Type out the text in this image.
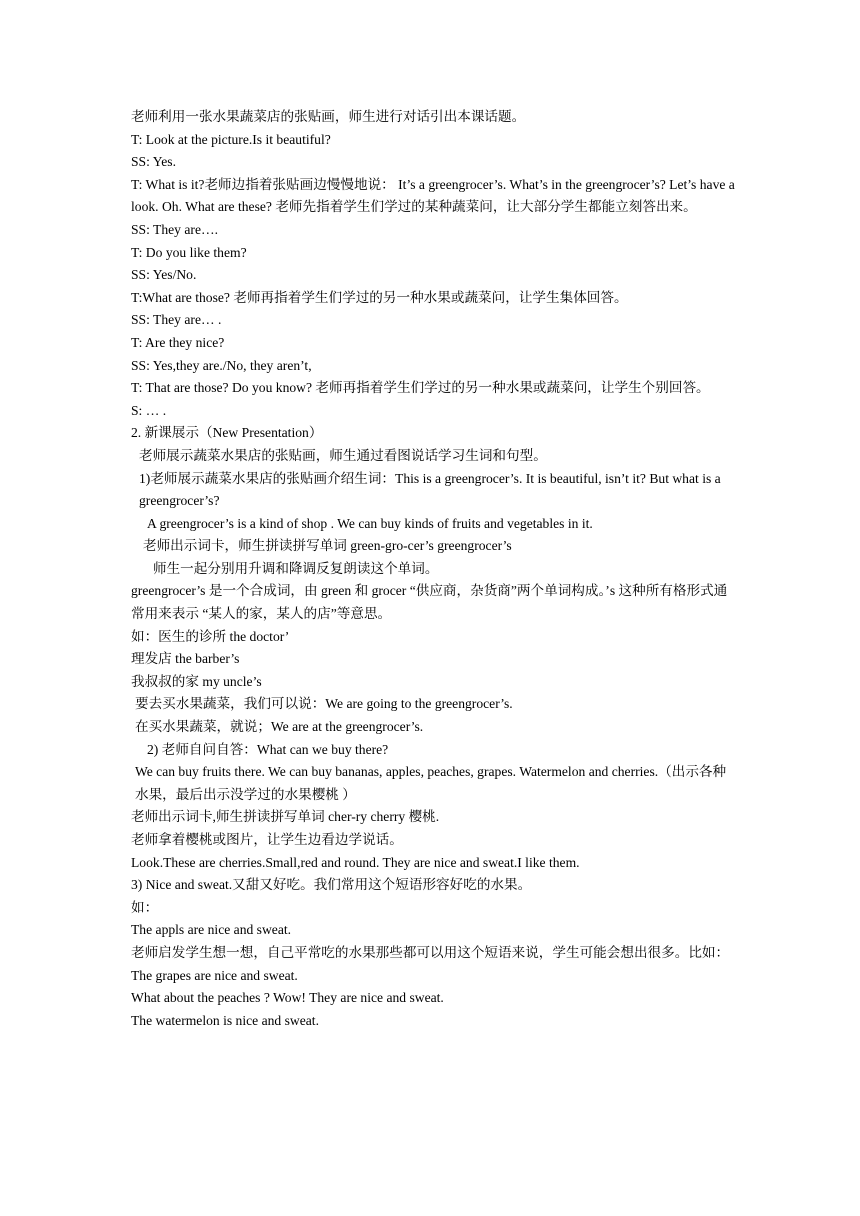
老师利用一张水果蔬菜店的张贴画，师生进行对话引出本课话题。

T: Look at the picture.Is it beautiful?

SS: Yes.

T: What is it?老师边指着张贴画边慢慢地说： It’s a greengrocer’s. What’s in the greengrocer’s? Let’s have a look. Oh. What are these? 老师先指着学生们学过的某种蔬菜问，让大部分学生都能立刻答出来。

SS: They are….

T: Do you like them?

SS: Yes/No.

T:What are those? 老师再指着学生们学过的另一种水果或蔬菜问，让学生集体回答。

SS: They are… .

T: Are they nice?

SS: Yes,they are./No, they aren’t,

T: That are those? Do you know? 老师再指着学生们学过的另一种水果或蔬菜问，让学生个别回答。

S: … .

2. 新课展示（New Presentation）

老师展示蔬菜水果店的张贴画，师生通过看图说话学习生词和句型。

1)老师展示蔬菜水果店的张贴画介绍生词：This is a greengrocer’s. It is beautiful, isn’t it? But what is a greengrocer’s?

A greengrocer’s is a kind of shop . We can buy kinds of fruits and vegetables in it.

老师出示词卡，师生拼读拼写单词 green-gro-cer’s greengrocer’s

师生一起分别用升调和降调反复朗读这个单词。

greengrocer’s 是一个合成词，由 green 和 grocer “供应商，杂货商”两个单词构成。’s 这种所有格形式通常用来表示 “某人的家，某人的店”等意思。

如：医生的诊所 the doctor’

理发店 the barber’s

我叔叔的家 my uncle’s

要去买水果蔬菜，我们可以说：We are going to the greengrocer’s.

在买水果蔬菜，就说；We are at the greengrocer’s.

2) 老师自问自答：What can we buy there?

We can buy fruits there. We can buy bananas, apples, peaches, grapes. Watermelon and cherries.（出示各种水果，最后出示没学过的水果樱桃 ）

老师出示词卡,师生拼读拼写单词 cher-ry cherry 樱桃.

老师拿着樱桃或图片，让学生边看边学说话。

Look.These are cherries.Small,red and round. They are nice and sweat.I like them.

3) Nice and sweat.又甜又好吃。我们常用这个短语形容好吃的水果。

如：

The appls are nice and sweat.

老师启发学生想一想，自己平常吃的水果那些都可以用这个短语来说，学生可能会想出很多。比如：

The grapes are nice and sweat.

What about the peaches ? Wow! They are nice and sweat.

The watermelon is nice and sweat.
